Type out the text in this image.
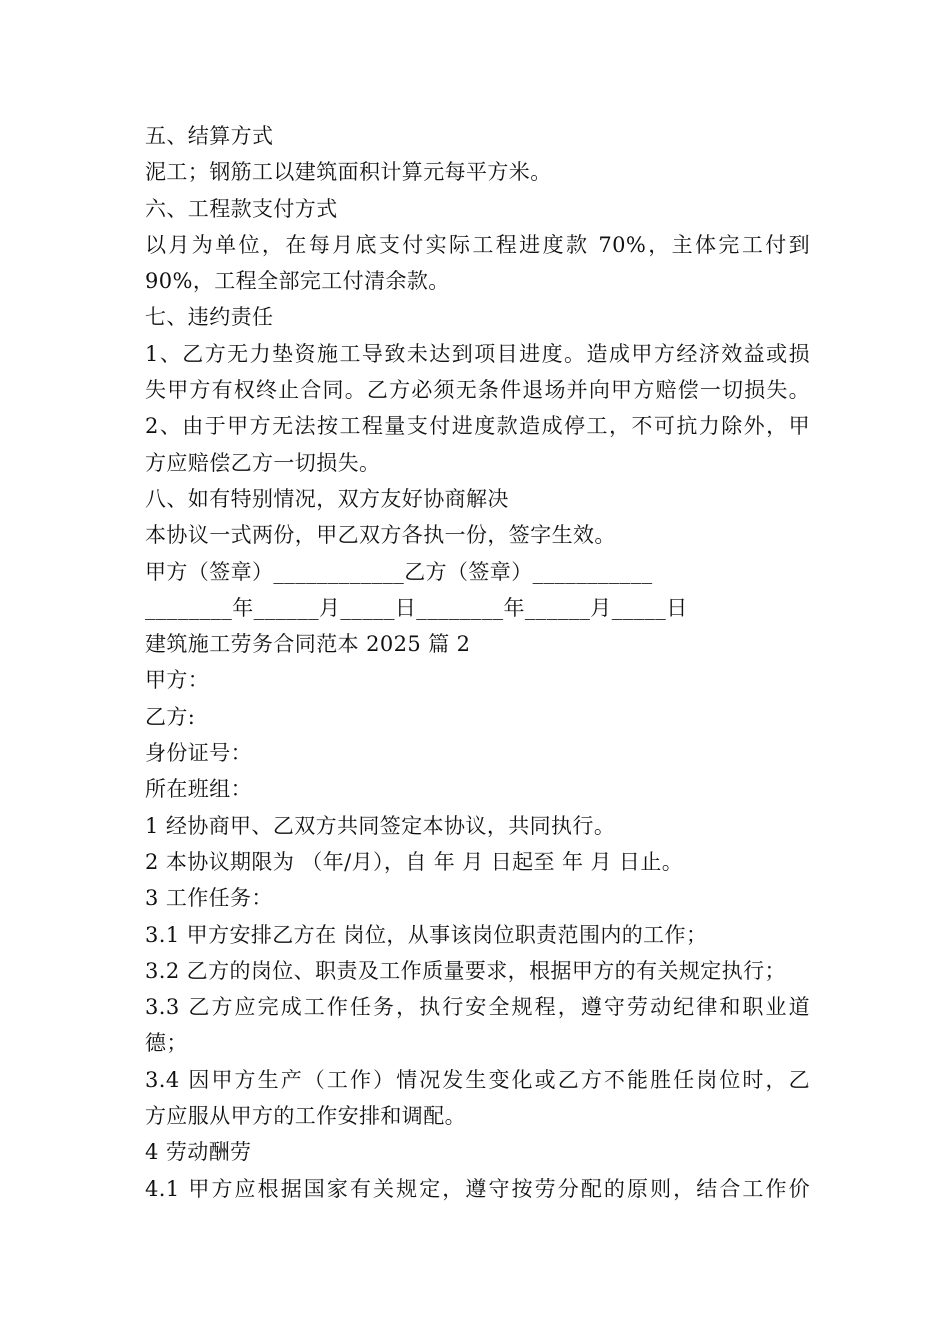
五、结算方式
泥工；钢筋工以建筑面积计算元每平方米。
六、工程款支付方式
以月为单位，在每月底支付实际工程进度款 70%，主体完工付到
90%，工程全部完工付清余款。
七、违约责任
1、乙方无力垫资施工导致未达到项目进度。造成甲方经济效益或损
失甲方有权终止合同。乙方必须无条件退场并向甲方赔偿一切损失。
2、由于甲方无法按工程量支付进度款造成停工，不可抗力除外，甲
方应赔偿乙方一切损失。
八、如有特别情况，双方友好协商解决
本协议一式两份，甲乙双方各执一份，签字生效。
甲方（签章）____________乙方（签章）___________
________年______月_____日________年______月_____日
建筑施工劳务合同范本 2025 篇 2
甲方：
乙方:
身份证号：
所在班组：
1 经协商甲、乙双方共同签定本协议，共同执行。
2 本协议期限为 （年/月），自 年 月 日起至 年 月 日止。
3 工作任务：
3.1 甲方安排乙方在 岗位，从事该岗位职责范围内的工作；
3.2 乙方的岗位、职责及工作质量要求，根据甲方的有关规定执行；
3.3 乙方应完成工作任务，执行安全规程，遵守劳动纪律和职业道
德；
3.4 因甲方生产（工作）情况发生变化或乙方不能胜任岗位时，乙
方应服从甲方的工作安排和调配。
4 劳动酬劳
4.1 甲方应根据国家有关规定，遵守按劳分配的原则，结合工作价
